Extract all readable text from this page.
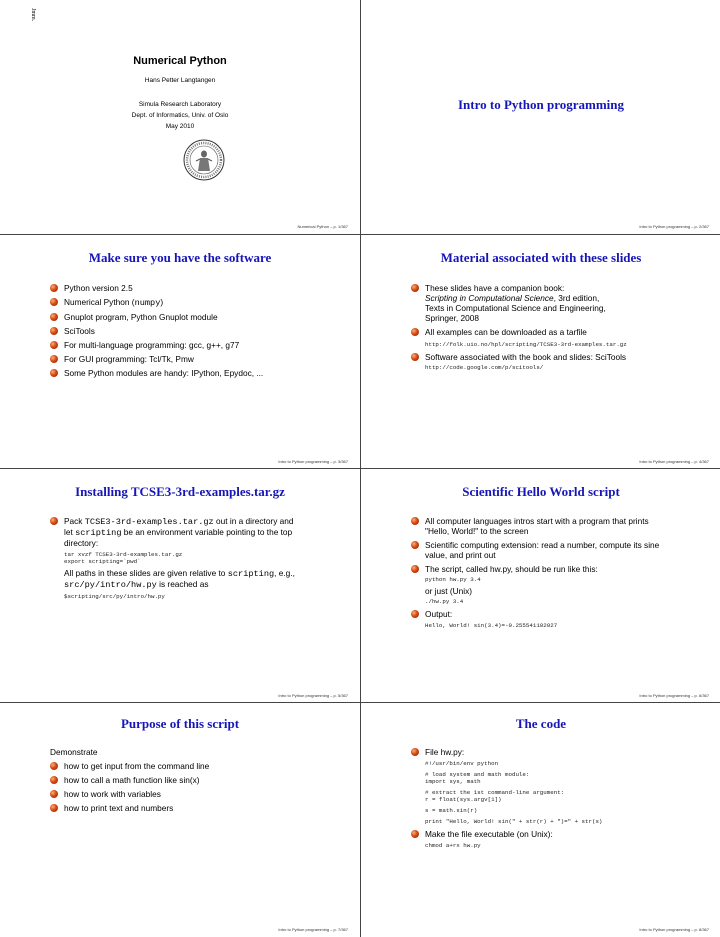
Jmm.
Numerical Python
Hans Petter Langtangen
Simula Research Laboratory
Dept. of Informatics, Univ. of Oslo
May 2010
Numerical Python – p. 1/367
Intro to Python programming
Intro to Python programming – p. 2/367
Make sure you have the software
Python version 2.5
Numerical Python (numpy)
Gnuplot program, Python Gnuplot module
SciTools
For multi-language programming: gcc, g++, g77
For GUI programming: Tcl/Tk, Pmw
Some Python modules are handy: IPython, Epydoc, ...
Intro to Python programming – p. 3/367
Material associated with these slides
These slides have a companion book:
Scripting in Computational Science, 3rd edition,
Texts in Computational Science and Engineering,
Springer, 2008
All examples can be downloaded as a tarfile
http://folk.uio.no/hpl/scripting/TCSE3-3rd-examples.tar.gz
Software associated with the book and slides: SciTools
http://code.google.com/p/scitools/
Intro to Python programming – p. 4/367
Installing TCSE3-3rd-examples.tar.gz
Pack TCSE3-3rd-examples.tar.gz out in a directory and
let scripting be an environment variable pointing to the top
directory:
tar xvzf TCSE3-3rd-examples.tar.gz
export scripting=`pwd`
All paths in these slides are given relative to scripting, e.g.,
src/py/intro/hw.py is reached as
$scripting/src/py/intro/hw.py
Intro to Python programming – p. 5/367
Scientific Hello World script
All computer languages intros start with a program that prints
"Hello, World!" to the screen
Scientific computing extension: read a number, compute its sine
value, and print out
The script, called hw.py, should be run like this:
python hw.py 3.4
or just (Unix)
./hw.py 3.4
Output:
Hello, World! sin(3.4)=-0.255541102027
Intro to Python programming – p. 6/367
Purpose of this script
Demonstrate
how to get input from the command line
how to call a math function like sin(x)
how to work with variables
how to print text and numbers
Intro to Python programming – p. 7/367
The code
File hw.py:
#!/usr/bin/env python
# load system and math module:
import sys, math
# extract the 1st command-line argument:
r = float(sys.argv[1])
s = math.sin(r)
print "Hello, World! sin(" + str(r) + ")=" + str(s)
Make the file executable (on Unix):
chmod a+rx hw.py
Intro to Python programming – p. 8/367
